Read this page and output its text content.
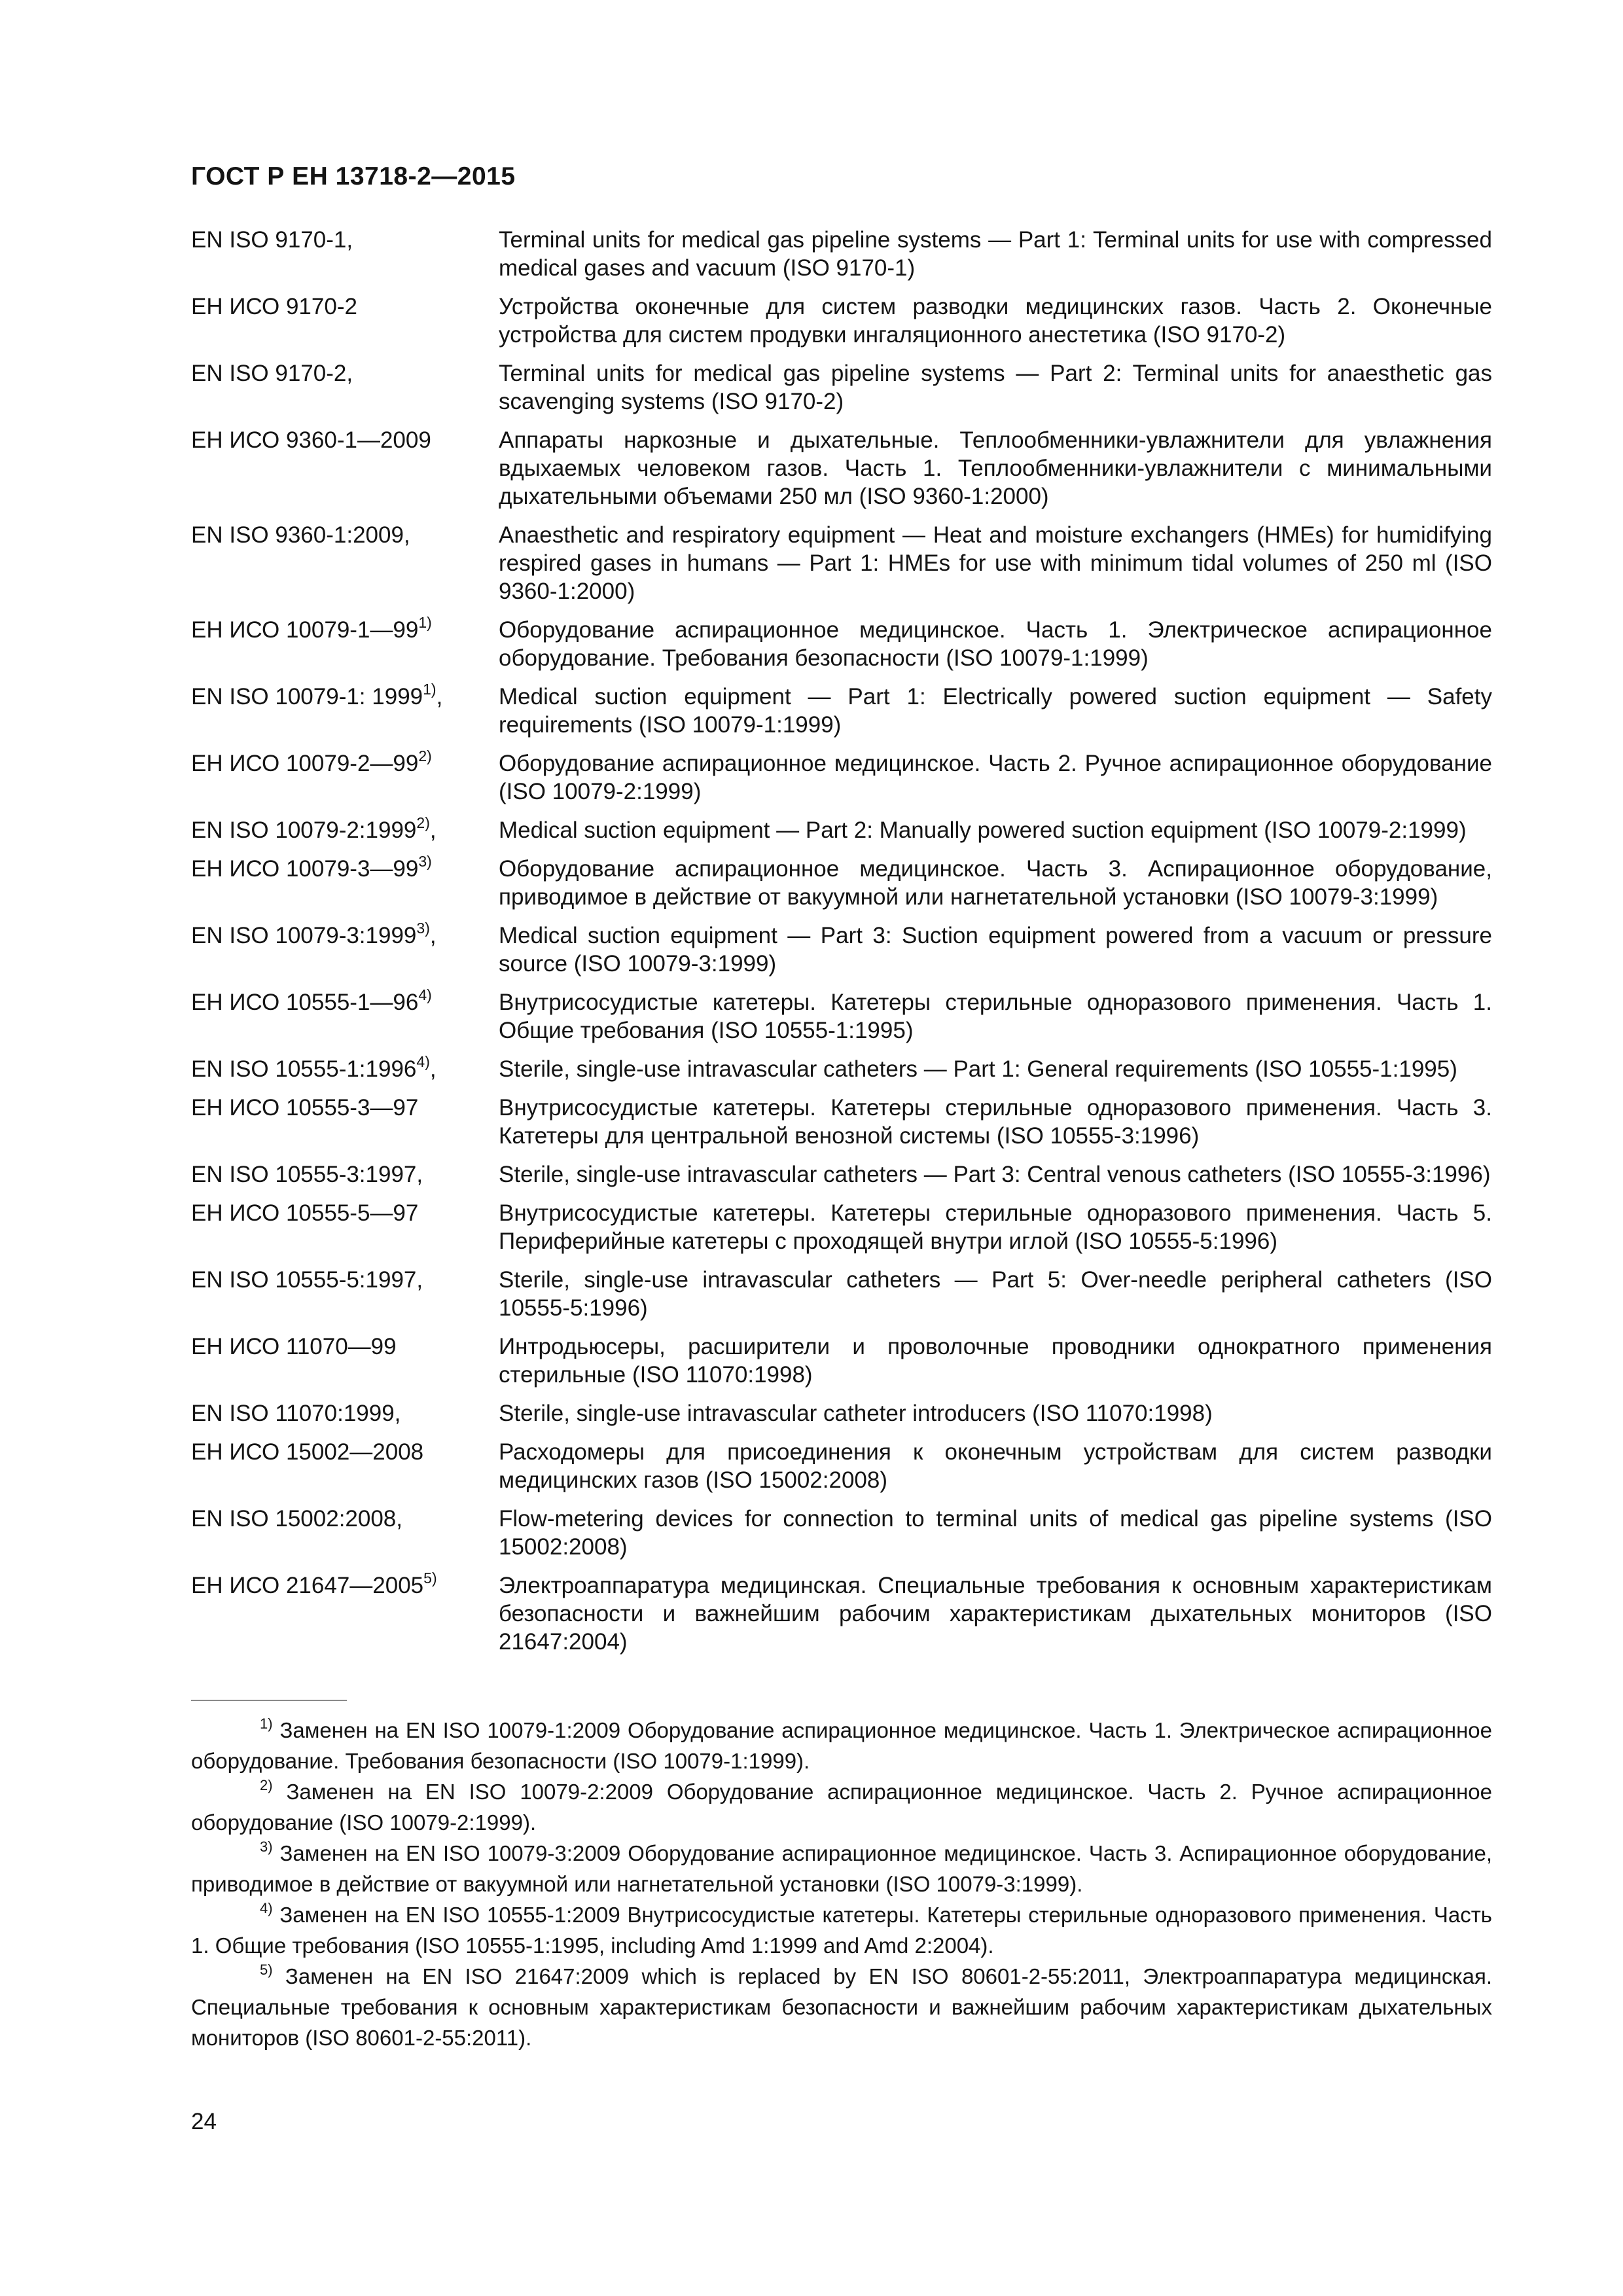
ГОСТ Р ЕН 13718-2—2015
EN ISO 9170-1,	Terminal units for medical gas pipeline systems — Part 1: Terminal units for use with compressed medical gases and vacuum (ISO 9170-1)
ЕН ИСО 9170-2	Устройства оконечные для систем разводки медицинских газов. Часть 2. Оконечные устройства для систем продувки ингаляционного анестетика (ISO 9170-2)
EN ISO 9170-2,	Terminal units for medical gas pipeline systems — Part 2: Terminal units for anaesthetic gas scavenging systems (ISO 9170-2)
ЕН ИСО 9360-1—2009	Аппараты наркозные и дыхательные. Теплообменники-увлажнители для увлажнения вдыхаемых человеком газов. Часть 1. Теплообменники-увлажнители с минимальными дыхательными объемами 250 мл (ISO 9360-1:2000)
EN ISO 9360-1:2009,	Anaesthetic and respiratory equipment — Heat and moisture exchangers (HMEs) for humidifying respired gases in humans — Part 1: HMEs for use with minimum tidal volumes of 250 ml (ISO 9360-1:2000)
ЕН ИСО 10079-1—99$^{1)}$	Оборудование аспирационное медицинское. Часть 1. Электрическое аспирационное оборудование. Требования безопасности (ISO 10079-1:1999)
EN ISO 10079-1: 1999$^{1)}$,	Medical suction equipment — Part 1: Electrically powered suction equipment — Safety requirements (ISO 10079-1:1999)
ЕН ИСО 10079-2—99$^{2)}$	Оборудование аспирационное медицинское. Часть 2. Ручное аспирационное оборудование (ISO 10079-2:1999)
EN ISO 10079-2:1999$^{2)}$,	Medical suction equipment — Part 2: Manually powered suction equipment (ISO 10079-2:1999)
ЕН ИСО 10079-3—99$^{3)}$	Оборудование аспирационное медицинское. Часть 3. Аспирационное оборудование, приводимое в действие от вакуумной или нагнетательной установки (ISO 10079-3:1999)
EN ISO 10079-3:1999$^{3)}$,	Medical suction equipment — Part 3: Suction equipment powered from a vacuum or pressure source (ISO 10079-3:1999)
ЕН ИСО 10555-1—96$^{4)}$	Внутрисосудистые катетеры. Катетеры стерильные одноразового применения. Часть 1. Общие требования (ISO 10555-1:1995)
EN ISO 10555-1:1996$^{4)}$,	Sterile, single-use intravascular catheters — Part 1: General requirements (ISO 10555-1:1995)
ЕН ИСО 10555-3—97	Внутрисосудистые катетеры. Катетеры стерильные одноразового применения. Часть 3. Катетеры для центральной венозной системы (ISO 10555-3:1996)
EN ISO 10555-3:1997,	Sterile, single-use intravascular catheters — Part 3: Central venous catheters (ISO 10555-3:1996)
ЕН ИСО 10555-5—97	Внутрисосудистые катетеры. Катетеры стерильные одноразового применения. Часть 5. Периферийные катетеры с проходящей внутри иглой (ISO 10555-5:1996)
EN ISO 10555-5:1997,	Sterile, single-use intravascular catheters — Part 5: Over-needle peripheral catheters (ISO 10555-5:1996)
ЕН ИСО 11070—99	Интродьюсеры, расширители и проволочные проводники однократного применения стерильные (ISO 11070:1998)
EN ISO 11070:1999,	Sterile, single-use intravascular catheter introducers (ISO 11070:1998)
ЕН ИСО 15002—2008	Расходомеры для присоединения к оконечным устройствам для систем разводки медицинских газов (ISO 15002:2008)
EN ISO 15002:2008,	Flow-metering devices for connection to terminal units of medical gas pipeline systems (ISO 15002:2008)
ЕН ИСО 21647—2005$^{5)}$	Электроаппаратура медицинская. Специальные требования к основным характеристикам безопасности и важнейшим рабочим характеристикам дыхательных мониторов (ISO 21647:2004)

$^{1)}$ Заменен на EN ISO 10079-1:2009 Оборудование аспирационное медицинское. Часть 1. Электрическое аспирационное оборудование. Требования безопасности (ISO 10079-1:1999).

$^{2)}$ Заменен на EN ISO 10079-2:2009 Оборудование аспирационное медицинское. Часть 2. Ручное аспирационное оборудование (ISO 10079-2:1999).

$^{3)}$ Заменен на EN ISO 10079-3:2009 Оборудование аспирационное медицинское. Часть 3. Аспирационное оборудование, приводимое в действие от вакуумной или нагнетательной установки (ISO 10079-3:1999).

$^{4)}$ Заменен на EN ISO 10555-1:2009 Внутрисосудистые катетеры. Катетеры стерильные одноразового применения. Часть 1. Общие требования (ISO 10555-1:1995, including Amd 1:1999 and Amd 2:2004).

$^{5)}$ Заменен на EN ISO 21647:2009 which is replaced by EN ISO 80601-2-55:2011, Электроаппаратура медицинская. Специальные требования к основным характеристикам безопасности и важнейшим рабочим характеристикам дыхательных мониторов (ISO 80601-2-55:2011).

24
